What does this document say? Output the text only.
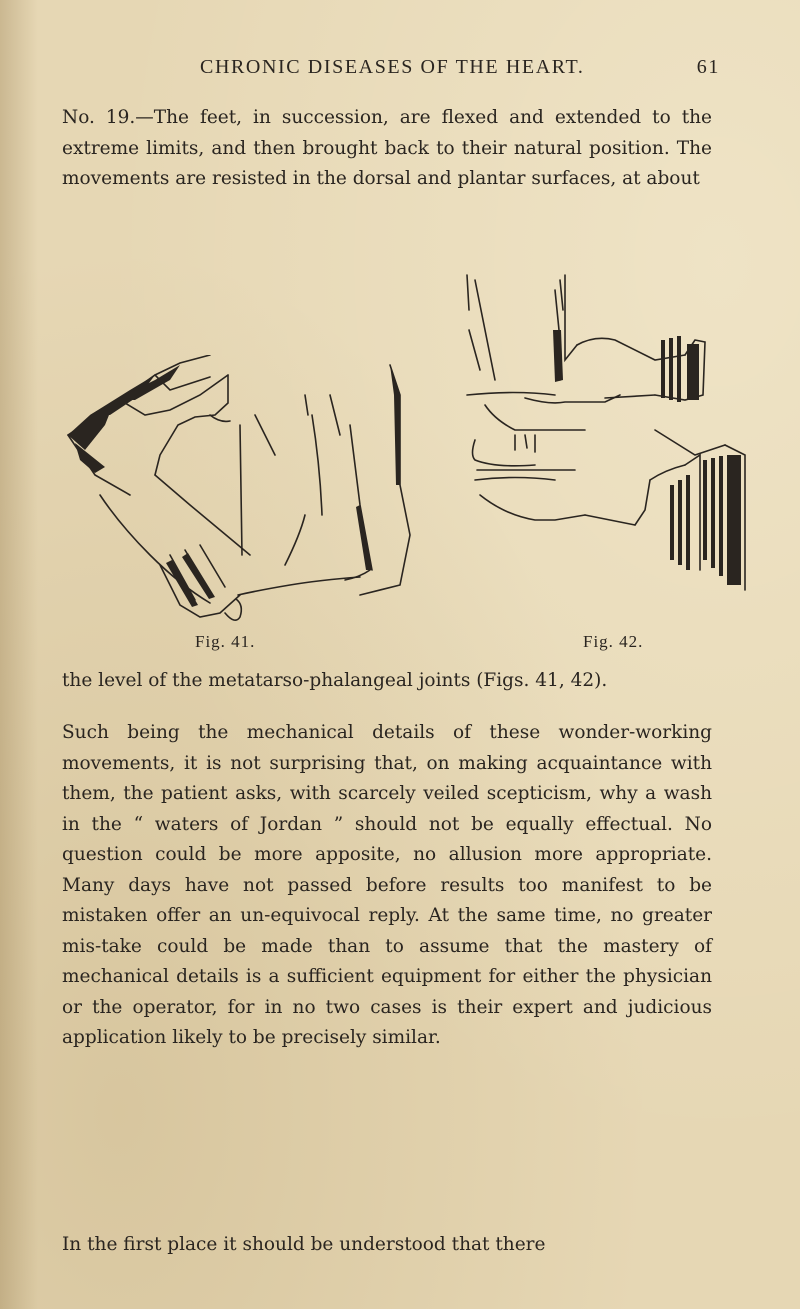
CHRONIC DISEASES OF THE HEART.	61

No. 19.—The feet, in succession, are flexed and extended to the extreme limits, and then brought back to their natural position. The movements are resisted in the dorsal and plantar surfaces, at about

Fig. 41.	Fig. 42.

the level of the metatarso-phalangeal joints (Figs. 41, 42).

Such being the mechanical details of these wonder-working movements, it is not surprising that, on making acquaintance with them, the patient asks, with scarcely veiled scepticism, why a wash in the “ waters of Jordan ” should not be equally effectual. No question could be more apposite, no allusion more appropriate. Many days have not passed before results too manifest to be mistaken offer an un-equivocal reply. At the same time, no greater mis-take could be made than to assume that the mastery of mechanical details is a sufficient equipment for either the physician or the operator, for in no two cases is their expert and judicious application likely to be precisely similar.

In the first place it should be understood that there
